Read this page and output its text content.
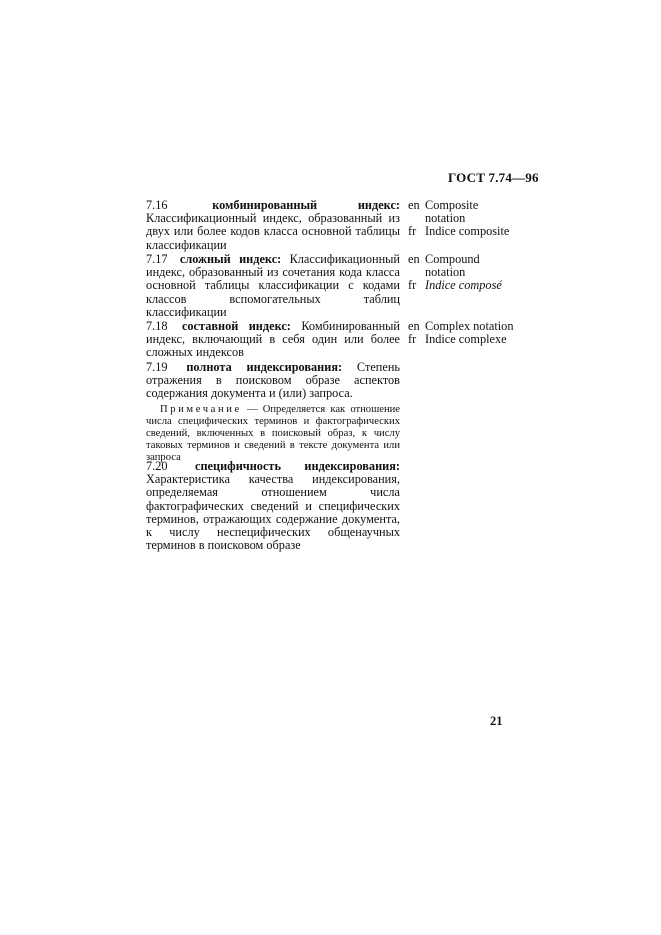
ГОСТ 7.74—96
7.16	комбинированный индекс: Классификационный индекс, образованный из двух или более кодов класса основной таблицы классификации
en Composite
notation
fr Indice composite
7.17 сложный индекс: Классификационный индекс, образованный из сочетания кода класса основной таблицы классификации с кодами классов вспомогательных таблиц классификации
en Compound
notation
fr Indice composé
7.18 составной индекс: Комбинированный индекс, включающий в себя один или более сложных индексов
en Complex notation
fr Indice complexe
7.19 полнота индексирования: Степень отражения в поисковом образе аспектов содержания документа и (или) запроса.
Примечание — Определяется как отношение числа специфических терминов и фактографических сведений, включенных в поисковый образ, к числу таковых терминов и сведений в тексте документа или запроса
7.20 специфичность индексирования: Характеристика качества индексирования, определяемая отношением числа фактографических сведений и специфических терминов, отражающих содержание документа, к числу неспецифических общенаучных терминов в поисковом образе
21
